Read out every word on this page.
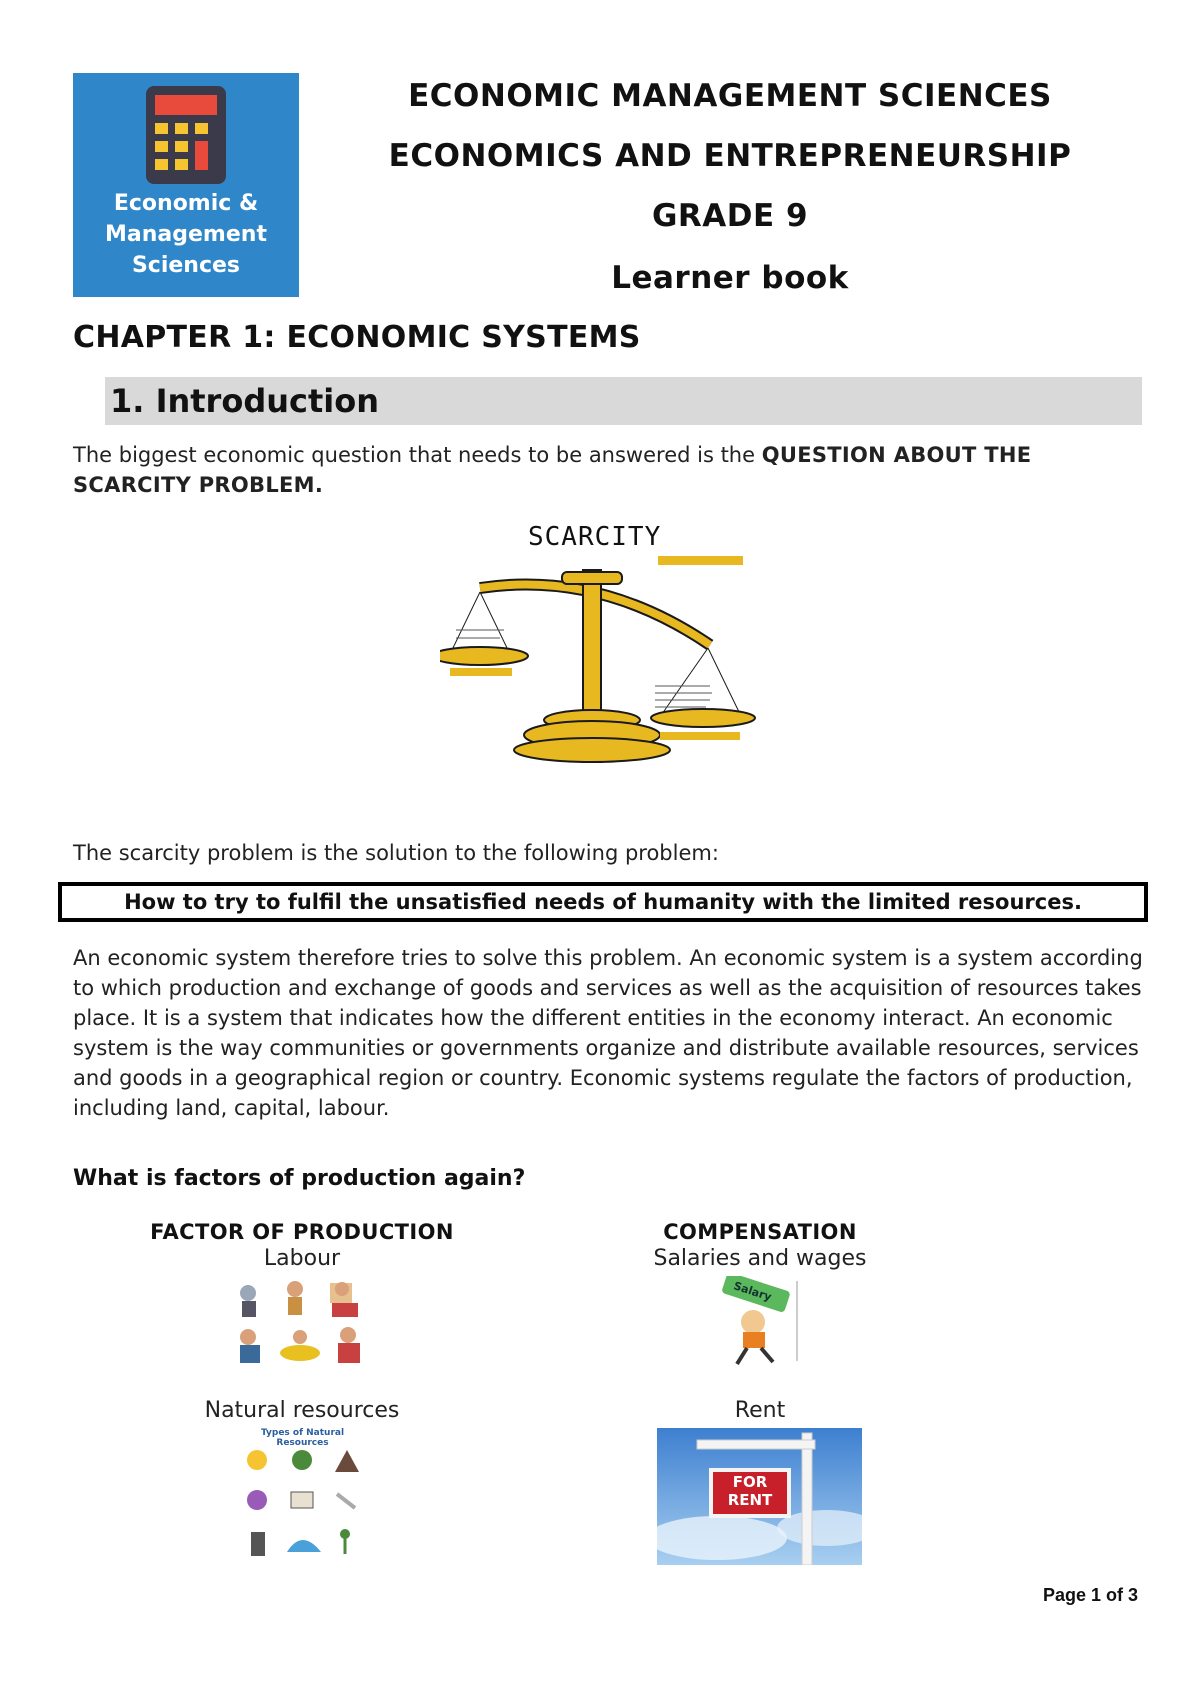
Economic &
Management
Sciences
ECONOMIC MANAGEMENT SCIENCES
ECONOMICS AND ENTREPRENEURSHIP
GRADE 9
Learner book
CHAPTER 1: ECONOMIC SYSTEMS
1. Introduction
The biggest economic question that needs to be answered is the QUESTION ABOUT THE SCARCITY PROBLEM.
SCARCITY
The scarcity problem is the solution to the following problem:
How to try to fulfil the unsatisfied needs of humanity with the limited resources.
An economic system therefore tries to solve this problem. An economic system is a system according to which production and exchange of goods and services as well as the acquisition of resources takes place. It is a system that indicates how the different entities in the economy interact. An economic system is the way communities or governments organize and distribute available resources, services and goods in a geographical region or country. Economic systems regulate the factors of production, including land, capital, labour.
What is factors of production again?
FACTOR OF PRODUCTION	COMPENSATION
Labour	Salaries and wages
Salary
Natural resources	Rent
Types of Natural Resources
FOR
RENT
Page 1 of 3
